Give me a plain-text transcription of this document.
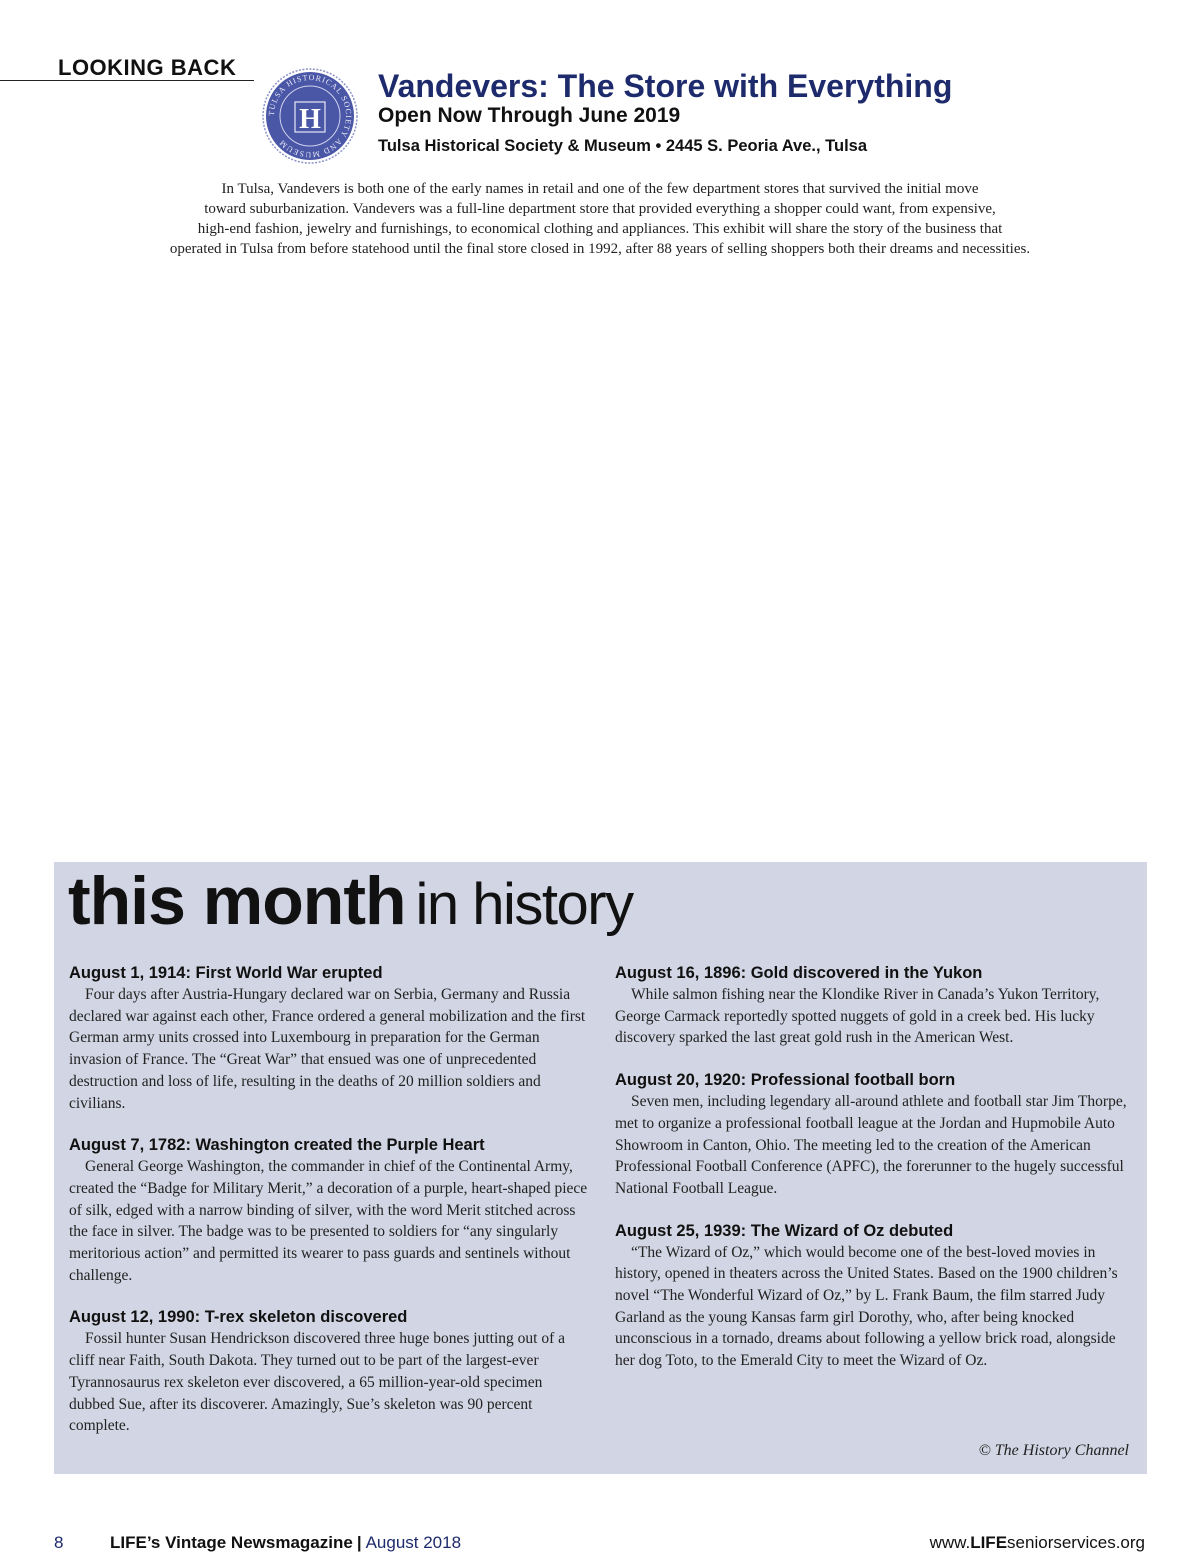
LOOKING BACK
TULSA HISTORICAL SOCIETY AND MUSEUM
H
Vandevers: The Store with Everything
Open Now Through June 2019
Tulsa Historical Society & Museum • 2445 S. Peoria Ave., Tulsa
In Tulsa, Vandevers is both one of the early names in retail and one of the few department stores that survived the initial move
toward suburbanization. Vandevers was a full-line department store that provided everything a shopper could want, from expensive,
high-end fashion, jewelry and furnishings, to economical clothing and appliances. This exhibit will share the story of the business that
operated in Tulsa from before statehood until the final store closed in 1992, after 88 years of selling shoppers both their dreams and necessities.
this month in history
August 1, 1914: First World War erupted

Four days after Austria-Hungary declared war on Serbia, Germany and Russia declared war against each other, France ordered a general mobilization and the first German army units crossed into Luxembourg in preparation for the German invasion of France. The “Great War” that ensued was one of unprecedented destruction and loss of life, resulting in the deaths of 20 million soldiers and civilians.

August 7, 1782: Washington created the Purple Heart

General George Washington, the commander in chief of the Continental Army, created the “Badge for Military Merit,” a decoration of a purple, heart-shaped piece of silk, edged with a narrow binding of silver, with the word Merit stitched across the face in silver. The badge was to be presented to soldiers for “any singularly meritorious action” and permitted its wearer to pass guards and sentinels without challenge.

August 12, 1990: T-rex skeleton discovered

Fossil hunter Susan Hendrickson discovered three huge bones jutting out of a cliff near Faith, South Dakota. They turned out to be part of the largest-ever Tyrannosaurus rex skeleton ever discovered, a 65 million-year-old specimen dubbed Sue, after its discoverer. Amazingly, Sue’s skeleton was 90 percent complete.

August 16, 1896: Gold discovered in the Yukon

While salmon fishing near the Klondike River in Canada’s Yukon Territory, George Carmack reportedly spotted nuggets of gold in a creek bed. His lucky discovery sparked the last great gold rush in the American West.

August 20, 1920: Professional football born

Seven men, including legendary all-around athlete and football star Jim Thorpe, met to organize a professional football league at the Jordan and Hupmobile Auto Showroom in Canton, Ohio. The meeting led to the creation of the American Professional Football Conference (APFC), the forerunner to the hugely successful National Football League.

August 25, 1939: The Wizard of Oz debuted

“The Wizard of Oz,” which would become one of the best-loved movies in history, opened in theaters across the United States. Based on the 1900 children’s novel “The Wonderful Wizard of Oz,” by L. Frank Baum, the film starred Judy Garland as the young Kansas farm girl Dorothy, who, after being knocked unconscious in a tornado, dreams about following a yellow brick road, alongside her dog Toto, to the Emerald City to meet the Wizard of Oz.

© The History Channel
8	LIFE’s Vintage Newsmagazine | August 2018	www.LIFEseniorservices.org
